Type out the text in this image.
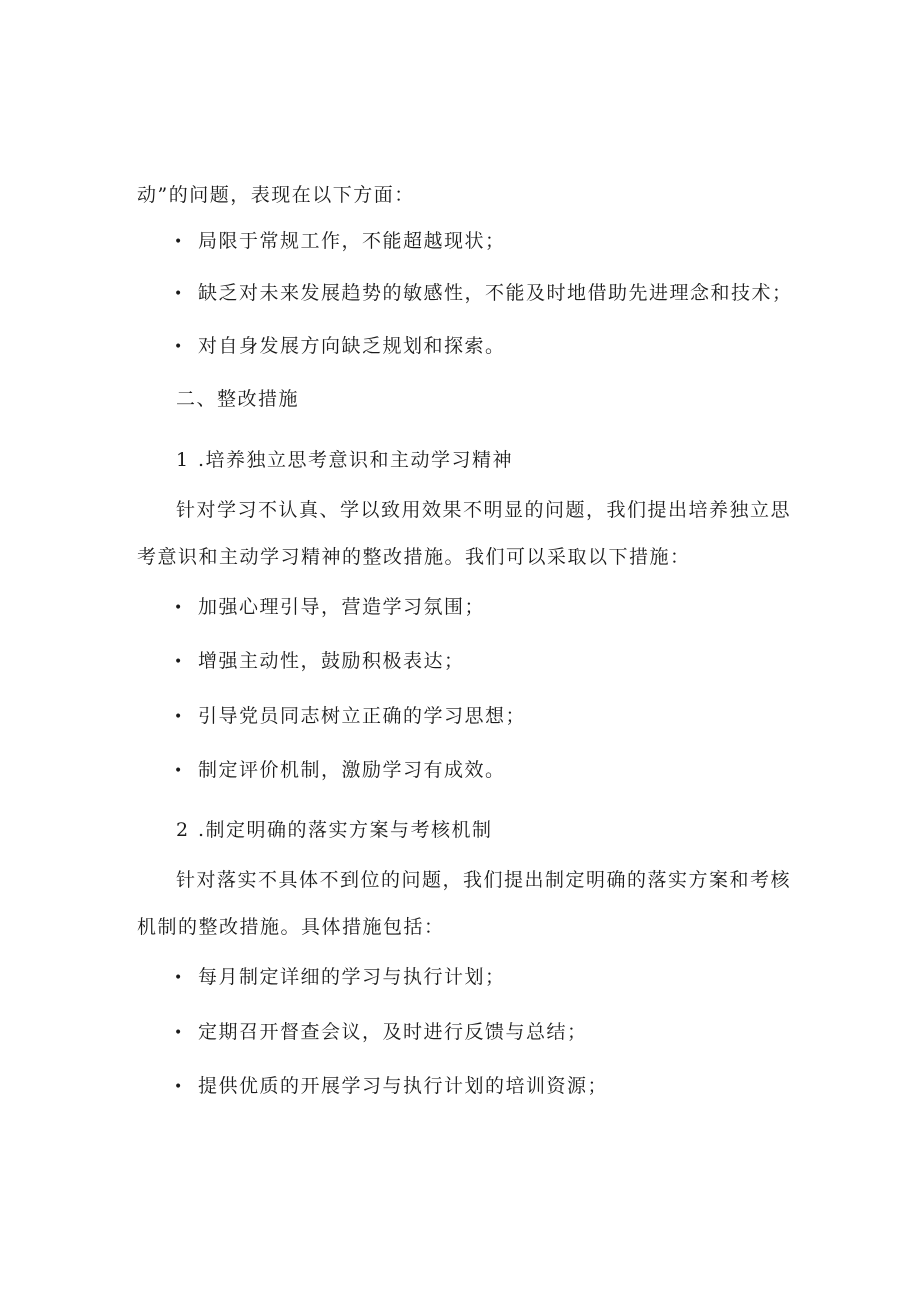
动”的问题，表现在以下方面：
• 局限于常规工作，不能超越现状；
• 缺乏对未来发展趋势的敏感性，不能及时地借助先进理念和技术；
• 对自身发展方向缺乏规划和探索。
二、整改措施
1 .培养独立思考意识和主动学习精神
针对学习不认真、学以致用效果不明显的问题，我们提出培养独立思
考意识和主动学习精神的整改措施。我们可以采取以下措施：
• 加强心理引导，营造学习氛围；
• 增强主动性，鼓励积极表达；
• 引导党员同志树立正确的学习思想；
• 制定评价机制，激励学习有成效。
2 .制定明确的落实方案与考核机制
针对落实不具体不到位的问题，我们提出制定明确的落实方案和考核
机制的整改措施。具体措施包括：
• 每月制定详细的学习与执行计划；
• 定期召开督查会议，及时进行反馈与总结；
• 提供优质的开展学习与执行计划的培训资源；
